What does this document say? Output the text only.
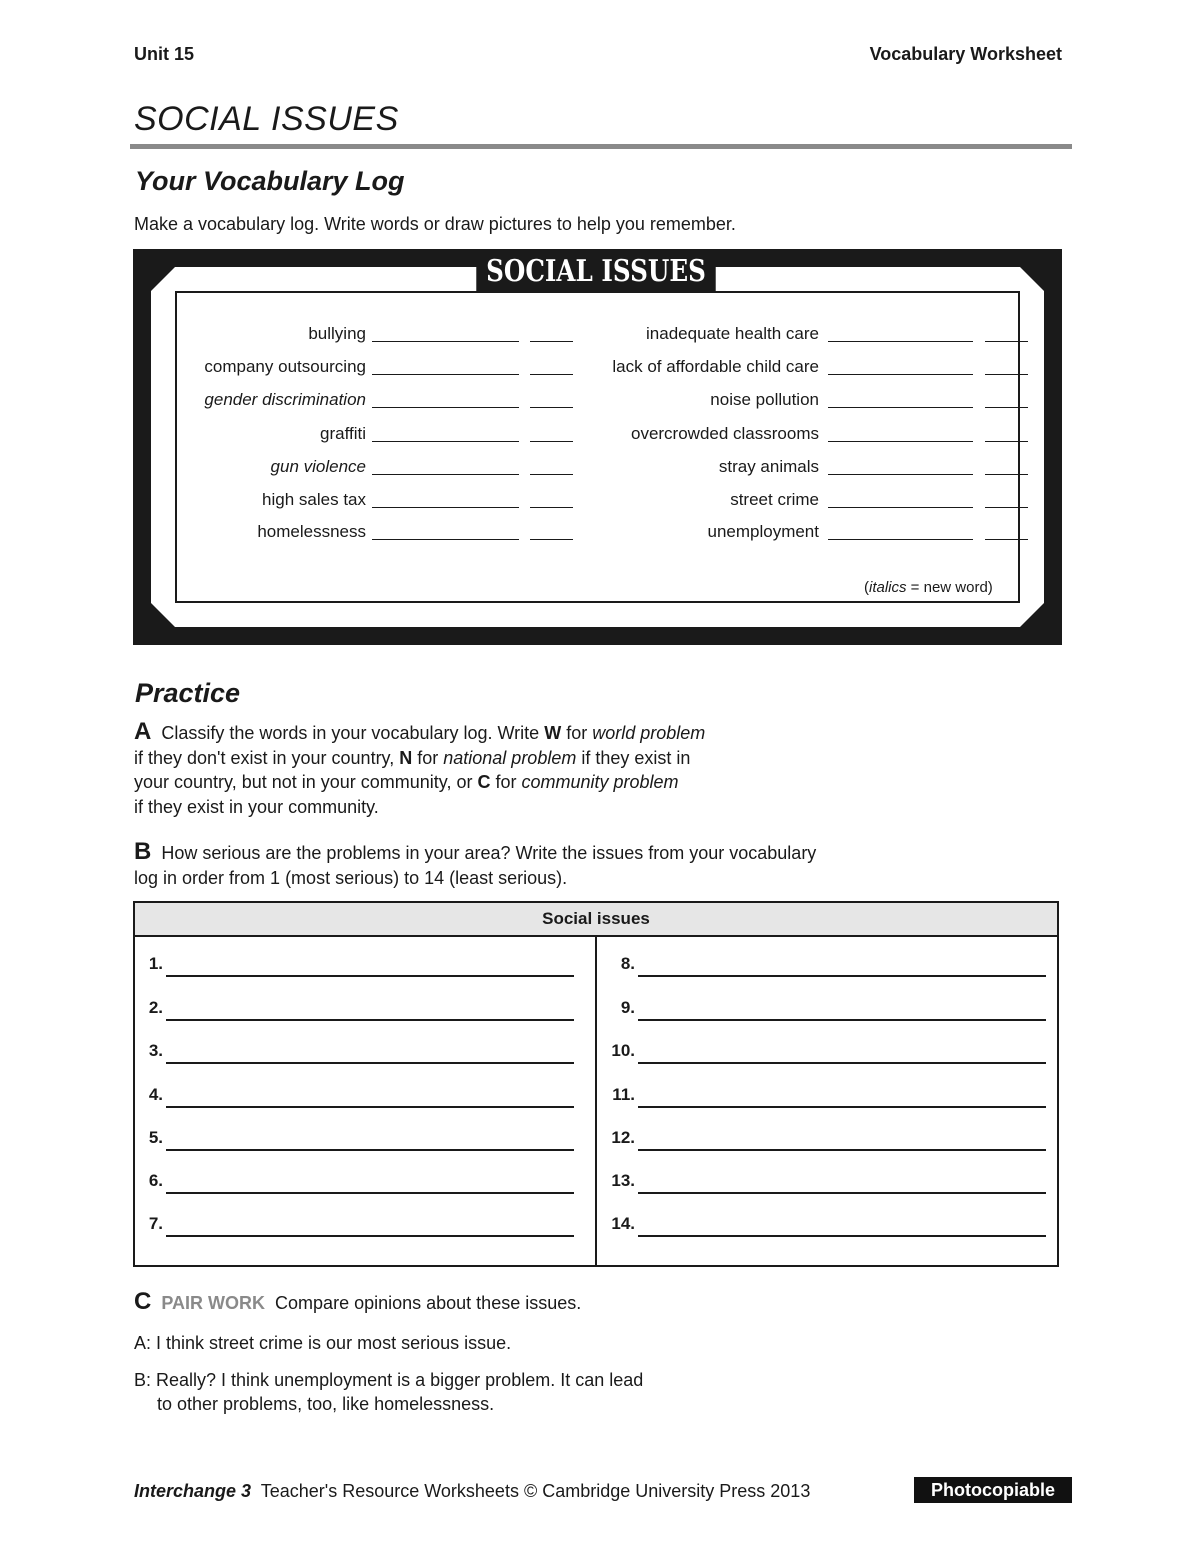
Unit 15	Vocabulary Worksheet
SOCIAL ISSUES
Your Vocabulary Log
Make a vocabulary log. Write words or draw pictures to help you remember.
SOCIAL ISSUES
(italics = new word)
Practice
A Classify the words in your vocabulary log. Write W for world problem
if they don't exist in your country, N for national problem if they exist in
your country, but not in your community, or C for community problem
if they exist in your community.
B How serious are the problems in your area? Write the issues from your vocabulary
log in order from 1 (most serious) to 14 (least serious).
Social issues
1.
2.
3.
4.
5.
6.
7.
8.
9.
10.
11.
12.
13.
14.
C PAIR WORK Compare opinions about these issues.
A: I think street crime is our most serious issue.
B: Really? I think unemployment is a bigger problem. It can lead
to other problems, too, like homelessness.
Interchange 3 Teacher's Resource Worksheets © Cambridge University Press 2013	Photocopiable
bullying
company outsourcing
gender discrimination
graffiti
gun violence
high sales tax
homelessness
inadequate health care
lack of affordable child care
noise pollution
overcrowded classrooms
stray animals
street crime
unemployment
